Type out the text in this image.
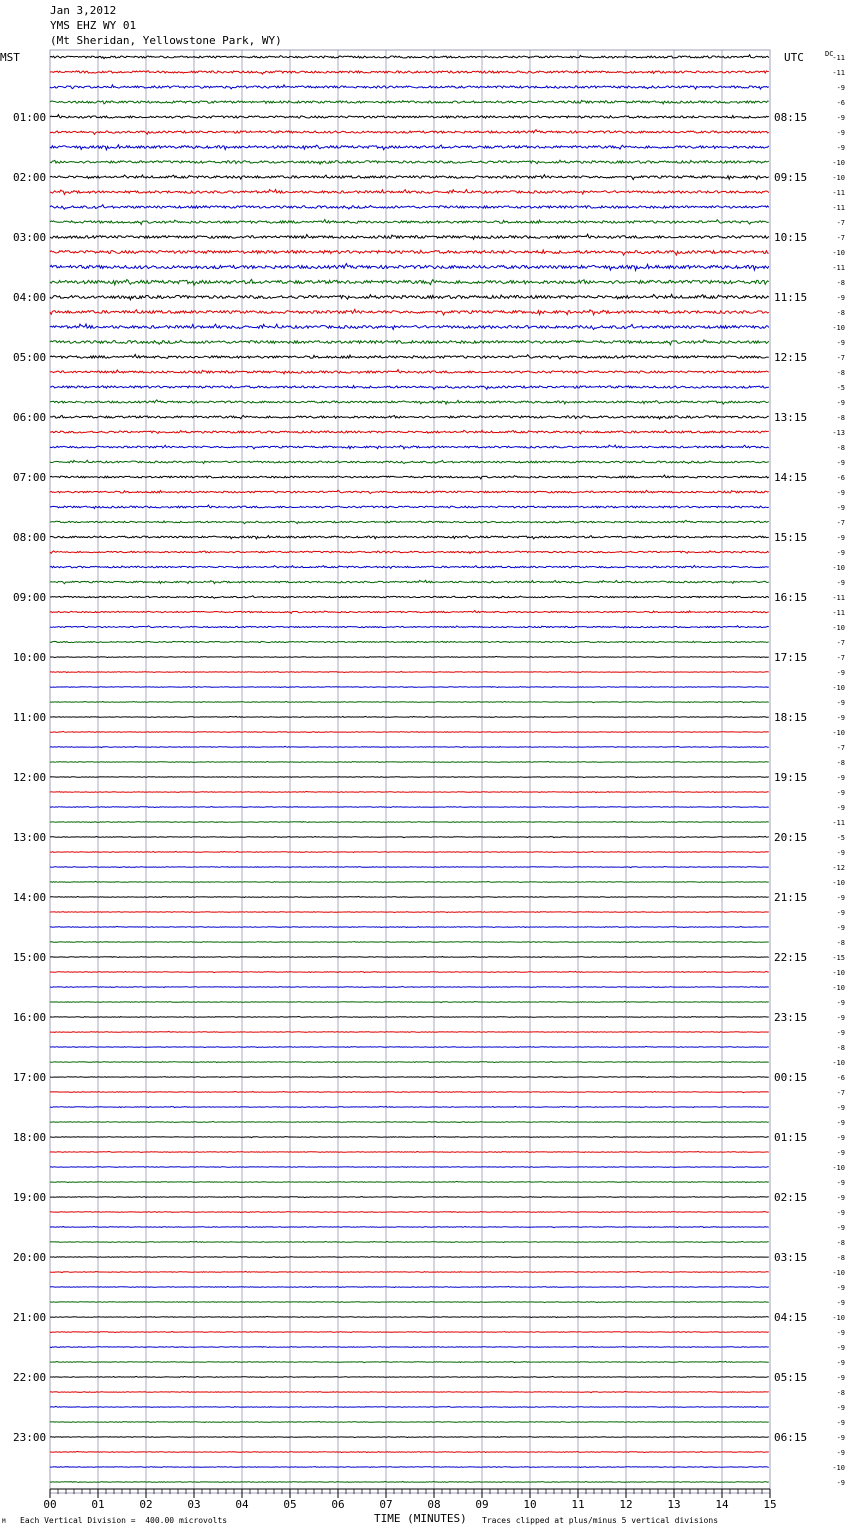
Jan 3,2012
YMS EHZ WY 01
(Mt Sheridan, Yellowstone Park, WY)
MST	UTC	DC
TIME (MINUTES)
00	01	02	03	04	05	06	07	08	09	10	11	12	13	14	15
-11
-11
-9
-6
-9
-9
-9
-10
-10
-11
-11
-7
-7
-10
-11
-8
-9
-8
-10
-9
-7
-8
-5
-9
-8
-13
-8
-9
-6
-9
-9
-7
-9
-9
-10
-9
-11
-11
-10
-7
-7
-9
-10
-9
-9
-10
-7
-8
-9
-9
-9
-11
-5
-9
-12
-10
-9
-9
-9
-8
-15
-10
-10
-9
-9
-9
-8
-10
-6
-7
-9
-9
-9
-9
-10
-9
-9
-9
-9
-8
-8
-10
-9
-9
-10
-9
-9
-9
-9
-8
-9
-9
-9
-9
-10
-9
01:00
02:00
03:00
04:00
05:00
06:00
07:00
08:00
09:00
10:00
11:00
12:00
13:00
14:00
15:00
16:00
17:00
18:00
19:00
20:00
21:00
22:00
23:00
08:15
09:15
10:15
11:15
12:15
13:15
14:15
15:15
16:15
17:15
18:15
19:15
20:15
21:15
22:15
23:15
00:15
01:15
02:15
03:15
04:15
05:15
06:15
M Each Vertical Division =  400.00 microvolts	Traces clipped at plus/minus 5 vertical divisions
